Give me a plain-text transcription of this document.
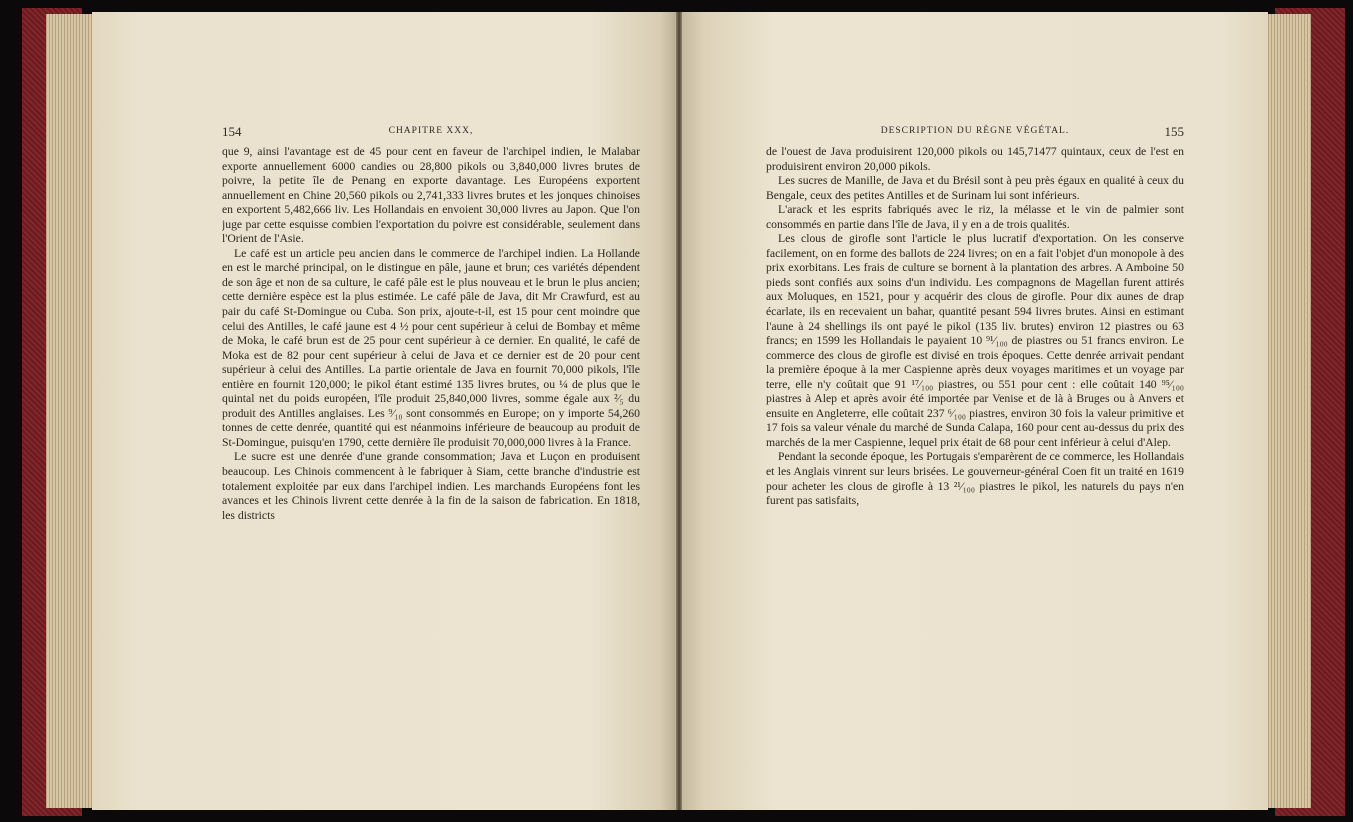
154	CHAPITRE XXX,	DESCRIPTION DU RÈGNE VÉGÉTAL.	155

que 9, ainsi l'avantage est de 45 pour cent en faveur de l'archipel indien, le Malabar exporte annuellement 6000 candies ou 28,800 pikols ou 3,840,000 livres brutes de poivre, la petite île de Penang en exporte davantage. Les Européens exportent annuellement en Chine 20,560 pikols ou 2,741,333 livres brutes et les jonques chinoises en exportent 5,482,666 liv. Les Hollandais en envoient 30,000 livres au Japon. Que l'on juge par cette esquisse combien l'exportation du poivre est considérable, seulement dans l'Orient de l'Asie.

Le café est un article peu ancien dans le commerce de l'archipel indien. La Hollande en est le marché principal, on le distingue en pâle, jaune et brun; ces variétés dépendent de son âge et non de sa culture, le café pâle est le plus nouveau et le brun le plus ancien; cette dernière espèce est la plus estimée. Le café pâle de Java, dit Mr Crawfurd, est au pair du café St-Domingue ou Cuba. Son prix, ajoute-t-il, est 15 pour cent moindre que celui des Antilles, le café jaune est 4 ½ pour cent supérieur à celui de Bombay et même de Moka, le café brun est de 25 pour cent supérieur à ce dernier. En qualité, le café de Moka est de 82 pour cent supérieur à celui de Java et ce dernier est de 20 pour cent supérieur à celui des Antilles. La partie orientale de Java en fournit 70,000 pikols, l'île entière en fournit 120,000; le pikol étant estimé 135 livres brutes, ou ¼ de plus que le quintal net du poids européen, l'île produit 25,840,000 livres, somme égale aux ²⁄₅ du produit des Antilles anglaises. Les ⁹⁄₁₀ sont consommés en Europe; on y importe 54,260 tonnes de cette denrée, quantité qui est néanmoins inférieure de beaucoup au produit de St-Domingue, puisqu'en 1790, cette dernière île produisit 70,000,000 livres à la France.

Le sucre est une denrée d'une grande consommation; Java et Luçon en produisent beaucoup. Les Chinois commencent à le fabriquer à Siam, cette branche d'industrie est totalement exploitée par eux dans l'archipel indien. Les marchands Européens font les avances et les Chinois livrent cette denrée à la fin de la saison de fabrication. En 1818, les districts

de l'ouest de Java produisirent 120,000 pikols ou 145,71477 quintaux, ceux de l'est en produisirent environ 20,000 pikols.

Les sucres de Manille, de Java et du Brésil sont à peu près égaux en qualité à ceux du Bengale, ceux des petites Antilles et de Surinam lui sont inférieurs.

L'arack et les esprits fabriqués avec le riz, la mélasse et le vin de palmier sont consommés en partie dans l'île de Java, il y en a de trois qualités.

Les clous de girofle sont l'article le plus lucratif d'exportation. On les conserve facilement, on en forme des ballots de 224 livres; on en a fait l'objet d'un monopole à des prix exorbitans. Les frais de culture se bornent à la plantation des arbres. A Amboine 50 pieds sont confiés aux soins d'un individu. Les compagnons de Magellan furent attirés aux Moluques, en 1521, pour y acquérir des clous de girofle. Pour dix aunes de drap écarlate, ils en recevaient un bahar, quantité pesant 594 livres brutes. Ainsi en estimant l'aune à 24 shellings ils ont payé le pikol (135 liv. brutes) environ 12 piastres ou 63 francs; en 1599 les Hollandais le payaient 10 ⁹¹⁄₁₀₀ de piastres ou 51 francs environ. Le commerce des clous de girofle est divisé en trois époques. Cette denrée arrivait pendant la première époque à la mer Caspienne après deux voyages maritimes et un voyage par terre, elle n'y coûtait que 91 ¹⁷⁄₁₀₀ piastres, ou 551 pour cent : elle coûtait 140 ⁹⁵⁄₁₀₀ piastres à Alep et après avoir été importée par Venise et de là à Bruges ou à Anvers et ensuite en Angleterre, elle coûtait 237 ⁶⁄₁₀₀ piastres, environ 30 fois la valeur primitive et 17 fois sa valeur vénale du marché de Sunda Calapa, 160 pour cent au-dessus du prix des marchés de la mer Caspienne, lequel prix était de 68 pour cent inférieur à celui d'Alep.

Pendant la seconde époque, les Portugais s'emparèrent de ce commerce, les Hollandais et les Anglais vinrent sur leurs brisées. Le gouverneur-général Coen fit un traité en 1619 pour acheter les clous de girofle à 13 ²¹⁄₁₀₀ piastres le pikol, les naturels du pays n'en furent pas satisfaits,
